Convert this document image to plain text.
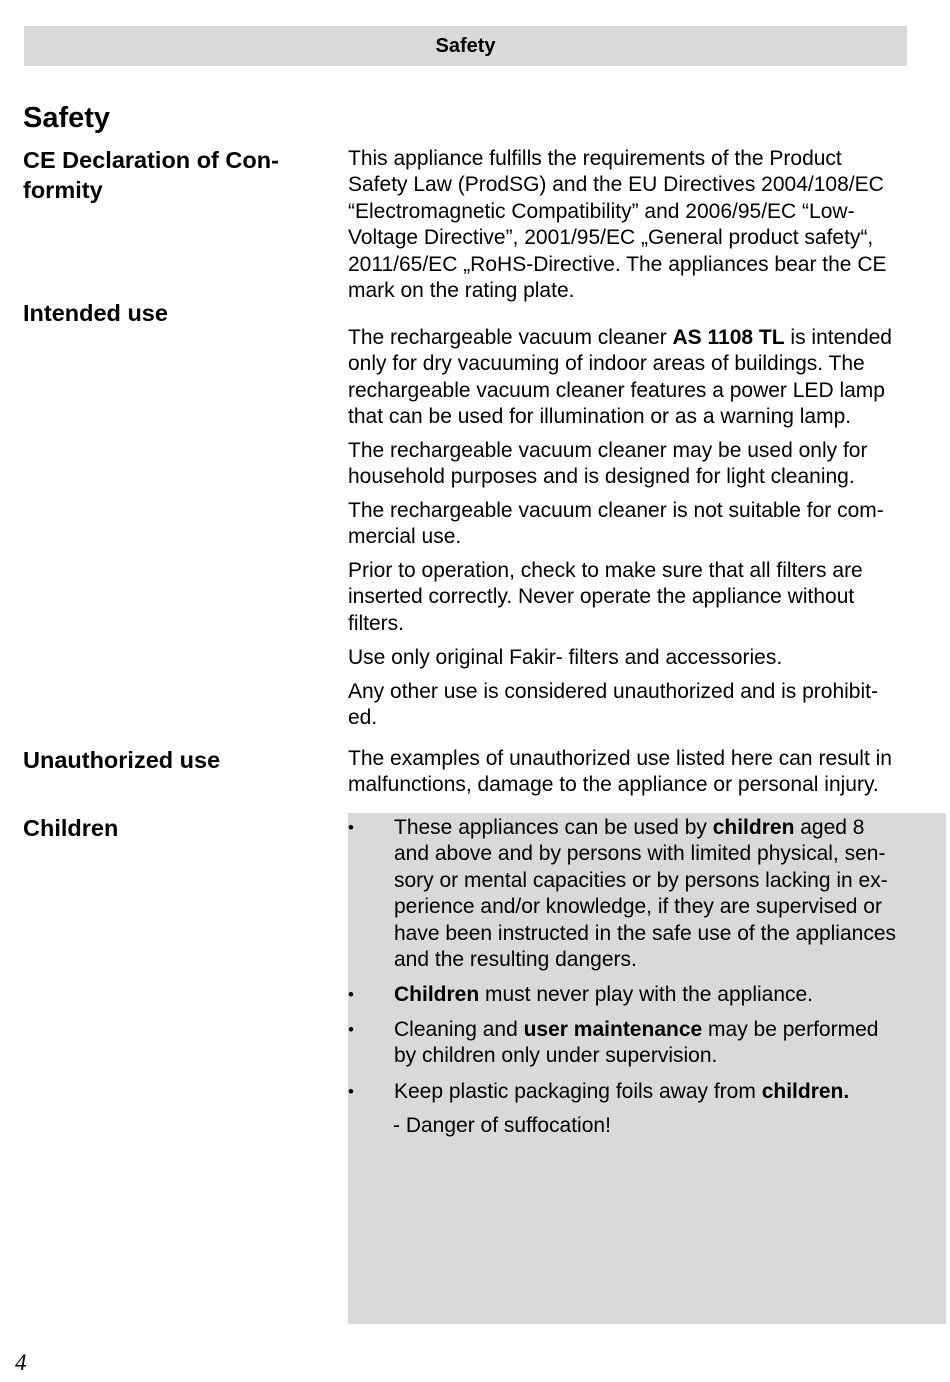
Safety
Safety
CE Declaration of Con-
formity

This appliance fulfills the requirements of the Product
Safety Law (ProdSG) and the EU Directives 2004/108/EC
“Electromagnetic Compatibility” and 2006/95/EC “Low-
Voltage Directive”, 2001/95/EC „General product safety“,
2011/65/EC „RoHS-Directive. The appliances bear the CE
mark on the rating plate.

Intended use

The rechargeable vacuum cleaner AS 1108 TL is intended
only for dry vacuuming of indoor areas of buildings. The
rechargeable vacuum cleaner features a power LED lamp
that can be used for illumination or as a warning lamp.

The rechargeable vacuum cleaner may be used only for
household purposes and is designed for light cleaning.

The rechargeable vacuum cleaner is not suitable for com-
mercial use.

Prior to operation, check to make sure that all filters are
inserted correctly. Never operate the appliance without
filters.

Use only original Fakir- filters and accessories.

Any other use is considered unauthorized and is prohibit-
ed.

Unauthorized use	The examples of unauthorized use listed here can result in
malfunctions, damage to the appliance or personal injury.

Children	• These appliances can be used by children aged 8
and above and by persons with limited physical, sen-
sory or mental capacities or by persons lacking in ex-
perience and/or knowledge, if they are supervised or
have been instructed in the safe use of the appliances
and the resulting dangers.
• Children must never play with the appliance.
• Cleaning and user maintenance may be performed
by children only under supervision.
• Keep plastic packaging foils away from children.

- Danger of suffocation!

4
